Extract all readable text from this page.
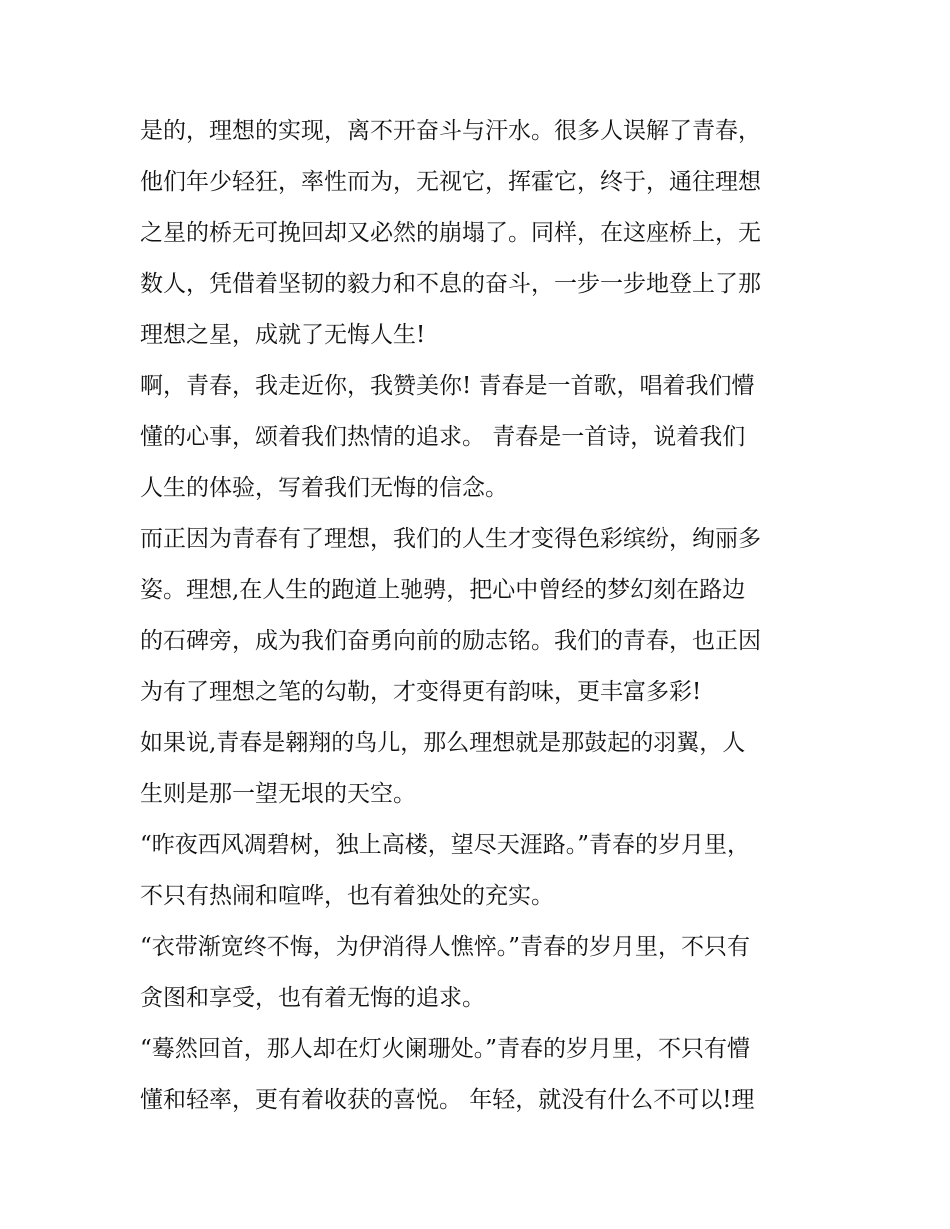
是的，理想的实现，离不开奋斗与汗水。很多人误解了青春，
他们年少轻狂，率性而为，无视它，挥霍它，终于，通往理想
之星的桥无可挽回却又必然的崩塌了。同样，在这座桥上，无
数人，凭借着坚韧的毅力和不息的奋斗，一步一步地登上了那
理想之星，成就了无悔人生!
啊，青春，我走近你，我赞美你! 青春是一首歌，唱着我们懵
懂的心事，颂着我们热情的追求。 青春是一首诗，说着我们
人生的体验，写着我们无悔的信念。
而正因为青春有了理想，我们的人生才变得色彩缤纷，绚丽多
姿。理想,在人生的跑道上驰骋，把心中曾经的梦幻刻在路边
的石碑旁，成为我们奋勇向前的励志铭。我们的青春，也正因
为有了理想之笔的勾勒，才变得更有韵味，更丰富多彩!
如果说,青春是翱翔的鸟儿，那么理想就是那鼓起的羽翼，人
生则是那一望无垠的天空。
“昨夜西风凋碧树，独上高楼，望尽天涯路。”青春的岁月里，
不只有热闹和喧哗，也有着独处的充实。
“衣带渐宽终不悔，为伊消得人憔悴。”青春的岁月里，不只有
贪图和享受，也有着无悔的追求。
“蓦然回首，那人却在灯火阑珊处。”青春的岁月里，不只有懵
懂和轻率，更有着收获的喜悦。 年轻，就没有什么不可以!理
